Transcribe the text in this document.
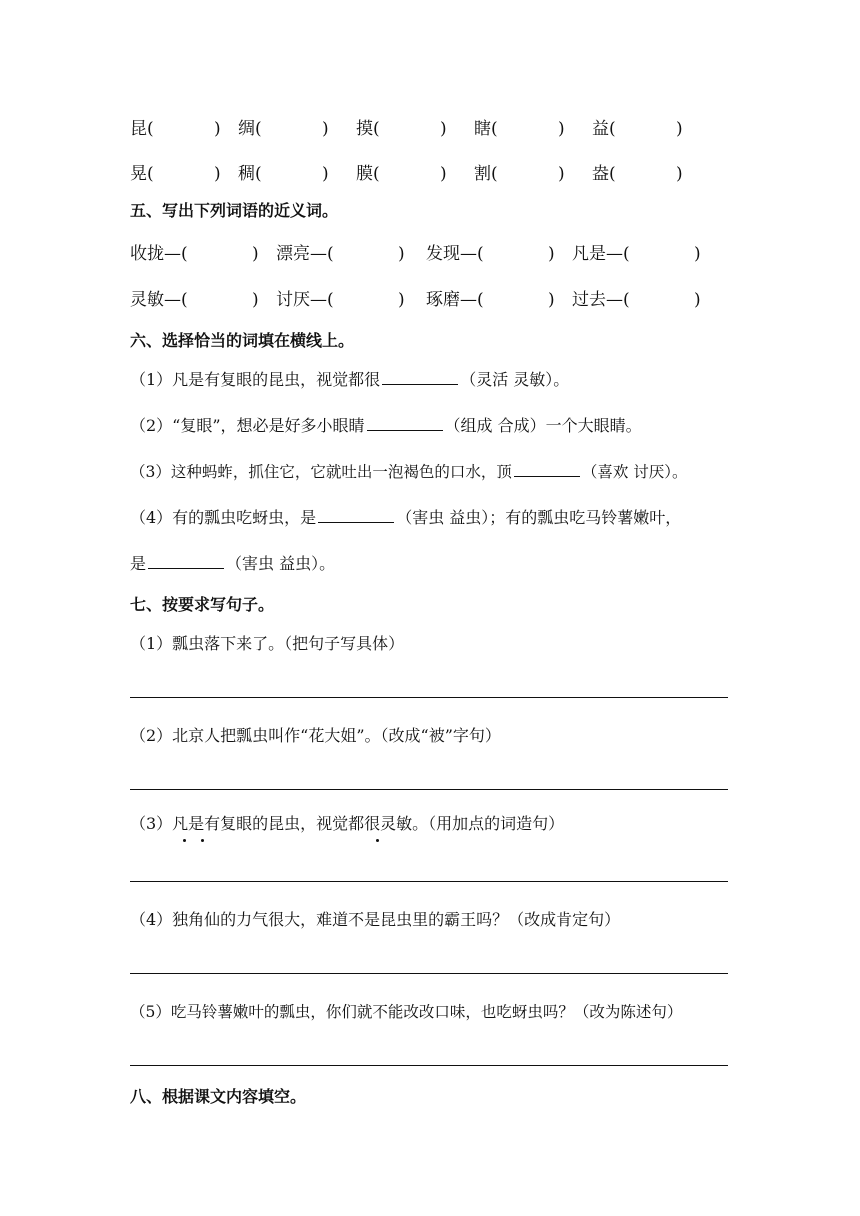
昆(	) 绸(	) 摸(	) 瞎(	) 益(	)
晃(	) 稠(	) 膜(	) 割(	) 盎(	)
五、写出下列词语的近义词。
收拢—(	) 漂亮—(	) 发现—(	) 凡是—(	)
灵敏—(	) 讨厌—(	) 琢磨—(	) 过去—(	)
六、选择恰当的词填在横线上。
（1）凡是有复眼的昆虫，视觉都很	（灵活 灵敏）。
（2）“复眼”，想必是好多小眼睛	（组成 合成）一个大眼睛。
（3）这种蚂蚱，抓住它，它就吐出一泡褐色的口水，顶	（喜欢 讨厌）。
（4）有的瓢虫吃蚜虫，是	（害虫 益虫）；有的瓢虫吃马铃薯嫩叶，
是	（害虫 益虫）。
七、按要求写句子。
（1）瓢虫落下来了。（把句子写具体）
（2）北京人把瓢虫叫作“花大姐”。（改成“被”字句）
（3）凡是有复眼的昆虫，视觉都很灵敏。（用加点的词造句）
（4）独角仙的力气很大，难道不是昆虫里的霸王吗？（改成肯定句）
（5）吃马铃薯嫩叶的瓢虫，你们就不能改改口味，也吃蚜虫吗？（改为陈述句）
八、根据课文内容填空。
